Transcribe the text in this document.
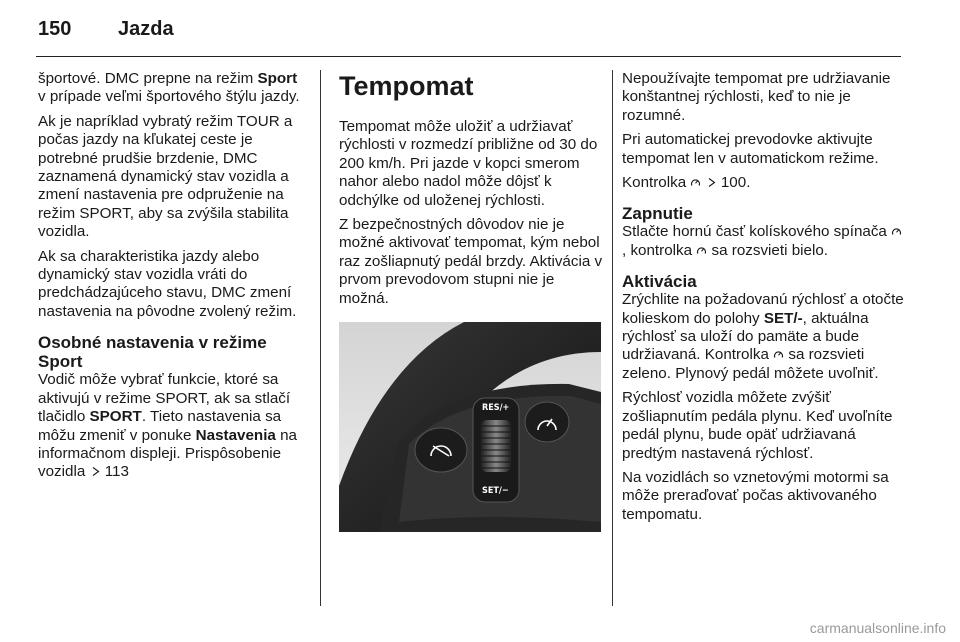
150 Jazda

športové. DMC prepne na režim Sport v prípade veľmi športového štýlu jazdy.

Ak je napríklad vybratý režim TOUR a počas jazdy na kľukatej ceste je potrebné prudšie brzdenie, DMC zaznamená dynamický stav vozidla a zmení nastavenia pre odpruženie na režim SPORT, aby sa zvýšila stabilita vozidla.

Ak sa charakteristika jazdy alebo dynamický stav vozidla vráti do predchádzajúceho stavu, DMC zmení nastavenia na pôvodne zvolený režim.

Osobné nastavenia v režime Sport

Vodič môže vybrať funkcie, ktoré sa aktivujú v režime SPORT, ak sa stlačí tlačidlo SPORT. Tieto nastavenia sa môžu zmeniť v ponuke Nastavenia na informačnom displeji. Prispôsobenie vozidla
113

Tempomat

Tempomat môže uložiť a udržiavať rýchlosti v rozmedzí približne od 30 do 200 km/h. Pri jazde v kopci smerom nahor alebo nadol môže dôjsť k odchýlke od uloženej rýchlosti.

Z bezpečnostných dôvodov nie je možné aktivovať tempomat, kým nebol raz zošliapnutý pedál brzdy. Aktivácia v prvom prevodovom stupni nie je možná.

RES/+
SET/−

Nepoužívajte tempomat pre udržiavanie konštantnej rýchlosti, keď to nie je rozumné.

Pri automatickej prevodovke aktivujte tempomat len v automatickom režime.

Kontrolka

100.

Zapnutie

Stlačte hornú časť kolískového spínača
, kontrolka
sa rozsvieti bielo.

Aktivácia

Zrýchlite na požadovanú rýchlosť a otočte kolieskom do polohy SET/-, aktuálna rýchlosť sa uloží do pamäte a bude udržiavaná. Kontrolka
sa rozsvieti zeleno. Plynový pedál môžete uvoľniť.

Rýchlosť vozidla môžete zvýšiť zošliapnutím pedála plynu. Keď uvoľníte pedál plynu, bude opäť udržiavaná predtým nastavená rýchlosť.

Na vozidlách so vznetovými motormi sa môže preraďovať počas aktivovaného tempomatu.

carmanualsonline.info
